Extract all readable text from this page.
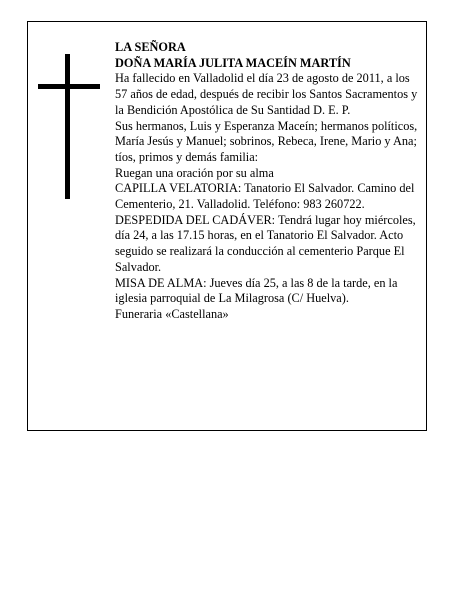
LA SEÑORA

DOÑA MARÍA JULITA MACEÍN MARTÍN

Ha fallecido en Valladolid el día 23 de agosto de 2011, a los 57 años de edad, después de recibir los Santos Sacramentos y la Bendición Apostólica de Su Santidad D. E. P.

Sus hermanos, Luis y Esperanza Maceín; hermanos políticos, María Jesús y Manuel; sobrinos, Rebeca, Irene, Mario y Ana; tíos, primos y demás familia:

Ruegan una oración por su alma

CAPILLA VELATORIA: Tanatorio El Salvador. Camino del Cementerio, 21. Valladolid. Teléfono: 983 260722.

DESPEDIDA DEL CADÁVER: Tendrá lugar hoy miércoles, día 24, a las 17.15 horas, en el Tanatorio El Salvador. Acto seguido se realizará la conducción al cementerio Parque El Salvador.

MISA DE ALMA: Jueves día 25, a las 8 de la tarde, en la iglesia parroquial de La Milagrosa (C/ Huelva).

Funeraria «Castellana»
